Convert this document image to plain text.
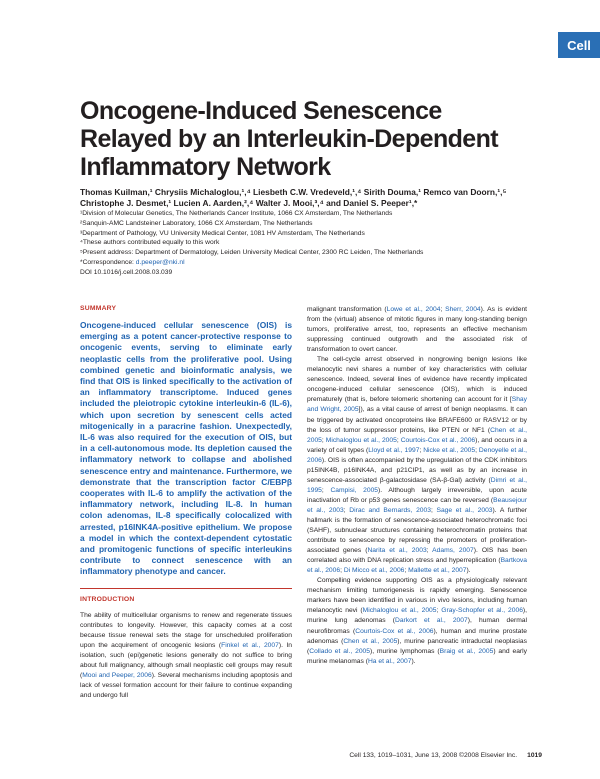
Cell
Oncogene-Induced Senescence Relayed by an Interleukin-Dependent Inflammatory Network

Thomas Kuilman,¹ Chrysiis Michaloglou,¹,⁴ Liesbeth C.W. Vredeveld,¹,⁴ Sirith Douma,¹ Remco van Doorn,¹,⁵ Christophe J. Desmet,¹ Lucien A. Aarden,²,⁴ Walter J. Mooi,³,⁴ and Daniel S. Peeper¹,*

¹Division of Molecular Genetics, The Netherlands Cancer Institute, 1066 CX Amsterdam, The Netherlands
²Sanquin-AMC Landsteiner Laboratory, 1066 CX Amsterdam, The Netherlands
³Department of Pathology, VU University Medical Center, 1081 HV Amsterdam, The Netherlands
⁴These authors contributed equally to this work
⁵Present address: Department of Dermatology, Leiden University Medical Center, 2300 RC Leiden, The Netherlands
*Correspondence: d.peeper@nki.nl
DOI 10.1016/j.cell.2008.03.039
SUMMARY

Oncogene-induced cellular senescence (OIS) is emerging as a potent cancer-protective response to oncogenic events, serving to eliminate early neoplastic cells from the proliferative pool. Using combined genetic and bioinformatic analysis, we find that OIS is linked specifically to the activation of an inflammatory transcriptome. Induced genes included the pleiotropic cytokine interleukin-6 (IL-6), which upon secretion by senescent cells acted mitogenically in a paracrine fashion. Unexpectedly, IL-6 was also required for the execution of OIS, but in a cell-autonomous mode. Its depletion caused the inflammatory network to collapse and abolished senescence entry and maintenance. Furthermore, we demonstrate that the transcription factor C/EBPβ cooperates with IL-6 to amplify the activation of the inflammatory network, including IL-8. In human colon adenomas, IL-8 specifically colocalized with arrested, p16INK4A-positive epithelium. We propose a model in which the context-dependent cytostatic and promitogenic functions of specific interleukins contribute to connect senescence with an inflammatory phenotype and cancer.

INTRODUCTION

The ability of multicellular organisms to renew and regenerate tissues contributes to longevity. However, this capacity comes at a cost because tissue renewal sets the stage for unscheduled proliferation upon the acquirement of oncogenic lesions (Finkel et al., 2007). In isolation, such (epi)genetic lesions generally do not suffice to bring about full malignancy, although small neoplastic cell groups may result (Mooi and Peeper, 2006). Several mechanisms including apoptosis and lack of vessel formation account for their failure to continue expanding and undergo full

malignant transformation (Lowe et al., 2004; Sherr, 2004). As is evident from the (virtual) absence of mitotic figures in many long-standing benign tumors, proliferative arrest, too, represents an effective mechanism suppressing continued outgrowth and the associated risk of transformation to overt cancer.

The cell-cycle arrest observed in nongrowing benign lesions like melanocytic nevi shares a number of key characteristics with cellular senescence. Indeed, several lines of evidence have recently implicated oncogene-induced cellular senescence (OIS), which is induced prematurely (that is, before telomeric shortening can account for it [Shay and Wright, 2005]), as a vital cause of arrest of benign neoplasms. It can be triggered by activated oncoproteins like BRAFE600 or RASV12 or by the loss of tumor suppressor proteins, like PTEN or NF1 (Chen et al., 2005; Michaloglou et al., 2005; Courtois-Cox et al., 2006), and occurs in a variety of cell types (Lloyd et al., 1997; Nicke et al., 2005; Denoyelle et al., 2006). OIS is often accompanied by the upregulation of the CDK inhibitors p15INK4B, p16INK4A, and p21CIP1, as well as by an increase in senescence-associated β-galactosidase (SA-β-Gal) activity (Dimri et al., 1995; Campisi, 2005). Although largely irreversible, upon acute inactivation of Rb or p53 genes senescence can be reversed (Beausejour et al., 2003; Dirac and Bernards, 2003; Sage et al., 2003). A further hallmark is the formation of senescence-associated heterochromatic foci (SAHF), subnuclear structures containing heterochromatin proteins that contribute to senescence by repressing the promoters of proliferation-associated genes (Narita et al., 2003; Adams, 2007). OIS has been correlated also with DNA replication stress and hyperreplication (Bartkova et al., 2006; Di Micco et al., 2006; Mallette et al., 2007).

Compelling evidence supporting OIS as a physiologically relevant mechanism limiting tumorigenesis is rapidly emerging. Senescence markers have been identified in various in vivo lesions, including human melanocytic nevi (Michaloglou et al., 2005; Gray-Schopfer et al., 2006), murine lung adenomas (Darkort et al., 2007), human dermal neurofibromas (Courtois-Cox et al., 2006), human and murine prostate adenomas (Chen et al., 2005), murine pancreatic intraductal neoplasias (Collado et al., 2005), murine lymphomas (Braig et al., 2005) and early murine melanomas (Ha et al., 2007).

Cell 133, 1019–1031, June 13, 2008 ©2008 Elsevier Inc. 1019
